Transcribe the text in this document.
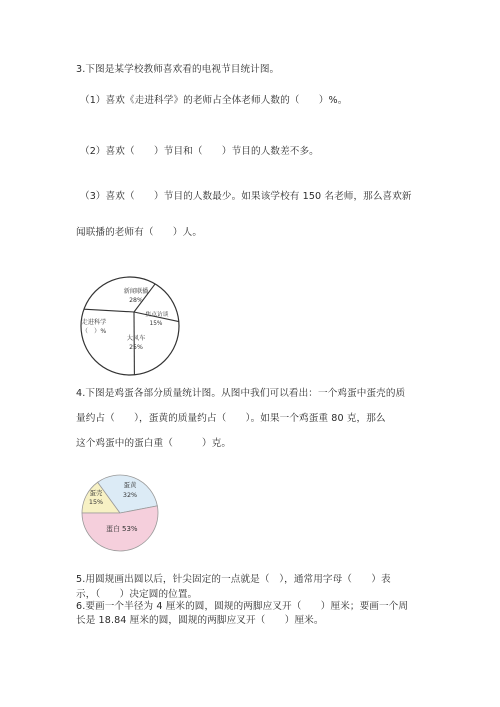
3.下图是某学校教师喜欢看的电视节目统计图。
（1）喜欢《走进科学》的老师占全体老师人数的（　　）%。
（2）喜欢（　　）节目和（　　）节目的人数差不多。
（3）喜欢（　　）节目的人数最少。如果该学校有 150 名老师，那么喜欢新
闻联播的老师有（　　）人。
新闻联播
28%
焦点访谈
15%
走进科学
（　）%
大风车
25%
4.下图是鸡蛋各部分质量统计图。从图中我们可以看出：一个鸡蛋中蛋壳的质
量约占（　　），蛋黄的质量约占（　　）。如果一个鸡蛋重 80 克，那么
这个鸡蛋中的蛋白重（　　　）克。
蛋壳
15%
蛋黄
32%
53%
蛋白
5.用圆规画出圆以后，针尖固定的一点就是（　），通常用字母（　　）表
示，（　　）决定圆的位置。
6.要画一个半径为 4 厘米的圆，圆规的两脚应叉开（　　）厘米；要画一个周
长是 18.84 厘米的圆，圆规的两脚应叉开（　　）厘米。
